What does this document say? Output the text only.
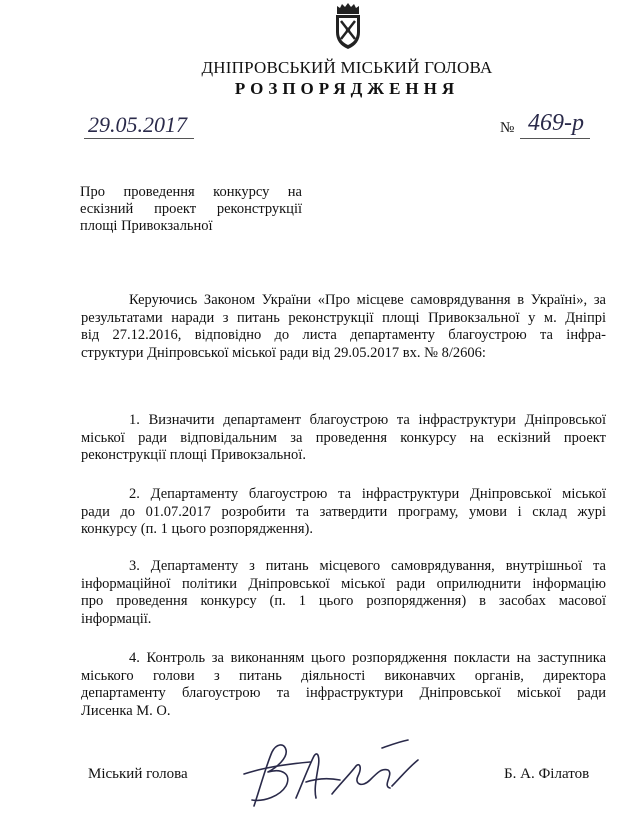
ДНІПРОВСЬКИЙ МІСЬКИЙ ГОЛОВА
РОЗПОРЯДЖЕННЯ
29.05.2017	№ 469-р
Про проведення конкурсу на
ескізний проект реконструкції
площі Привокзальної
Керуючись Законом України «Про місцеве самоврядування в Україні», за
результатами наради з питань реконструкції площі Привокзальної у м. Дніпрі
від 27.12.2016, відповідно до листа департаменту благоустрою та інфра-
структури Дніпровської міської ради від 29.05.2017 вх. № 8/2606:
1. Визначити департамент благоустрою та інфраструктури Дніпровської
міської ради відповідальним за проведення конкурсу на ескізний проект
реконструкції площі Привокзальної.
2. Департаменту благоустрою та інфраструктури Дніпровської міської
ради до 01.07.2017 розробити та затвердити програму, умови і склад журі
конкурсу (п. 1 цього розпорядження).
3. Департаменту з питань місцевого самоврядування, внутрішньої та
інформаційної політики Дніпровської міської ради оприлюднити інформацію
про проведення конкурсу (п. 1 цього розпорядження) в засобах масової
інформації.
4. Контроль за виконанням цього розпорядження покласти на заступника
міського голови з питань діяльності виконавчих органів, директора
департаменту благоустрою та інфраструктури Дніпровської міської ради
Лисенка М. О.
Міський голова	Б. А. Філатов
